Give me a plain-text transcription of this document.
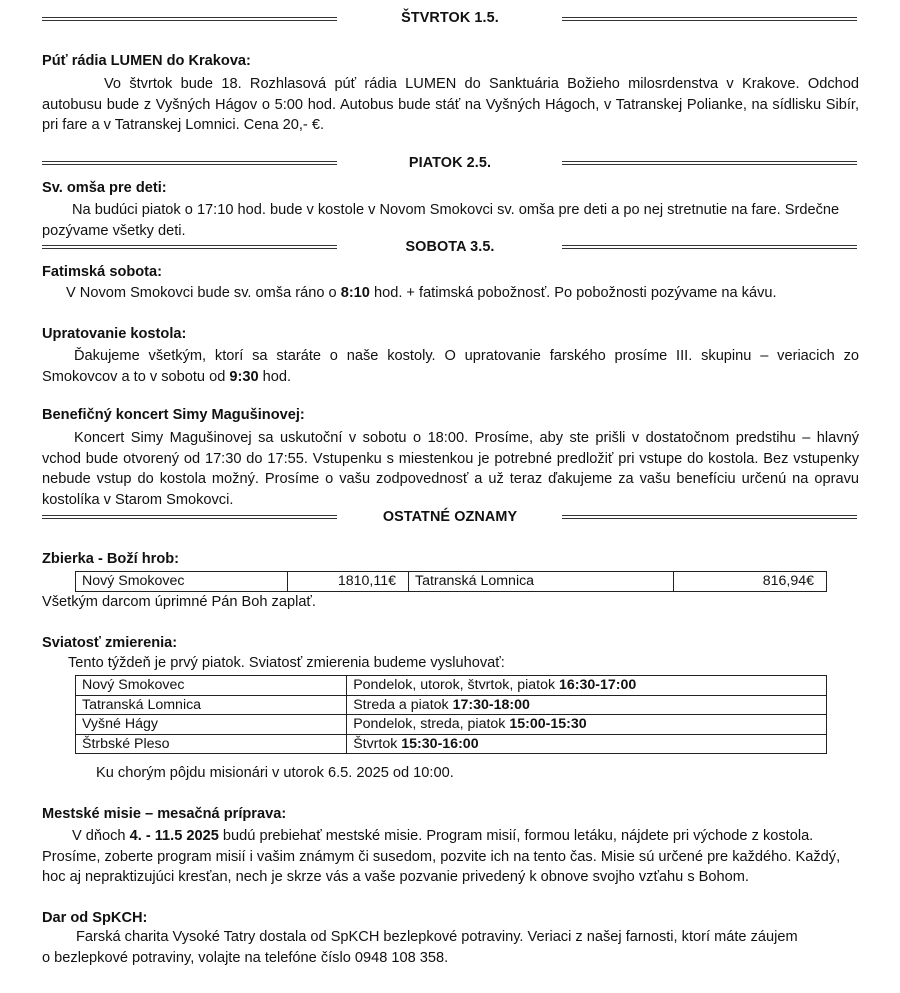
ŠTVRTOK 1.5.
Púť rádia LUMEN do Krakova:
Vo štvrtok bude 18. Rozhlasová púť rádia LUMEN do Sanktuária Božieho milosrdenstva v Krakove. Odchod autobusu bude z Vyšných Hágov o 5:00 hod. Autobus bude stáť na Vyšných Hágoch, v Tatranskej Polianke, na sídlisku Sibír, pri fare a v Tatranskej Lomnici. Cena 20,- €.
PIATOK 2.5.
Sv. omša pre deti:
Na budúci piatok o 17:10 hod. bude v kostole v Novom Smokovci sv. omša pre deti a po nej stretnutie na fare. Srdečne pozývame všetky deti.
SOBOTA 3.5.
Fatimská sobota:
V Novom Smokovci bude sv. omša ráno o 8:10 hod. + fatimská pobožnosť. Po pobožnosti pozývame na kávu.
Upratovanie kostola:
Ďakujeme všetkým, ktorí sa staráte o naše kostoly. O upratovanie farského prosíme III. skupinu – veriacich zo Smokovcov a to v sobotu od 9:30 hod.
Benefičný koncert Simy Magušinovej:
Koncert Simy Magušinovej sa uskutoční v sobotu o 18:00. Prosíme, aby ste prišli v dostatočnom predstihu – hlavný vchod bude otvorený od 17:30 do 17:55. Vstupenku s miestenkou je potrebné predložiť pri vstupe do kostola. Bez vstupenky nebude vstup do kostola možný. Prosíme o vašu zodpovednosť a už teraz ďakujeme za vašu benefíciu určenú na opravu kostolíka v Starom Smokovci.
OSTATNÉ OZNAMY
Zbierka - Boží hrob:
Nový Smokovec	1810,11€	Tatranská Lomnica	816,94€
Všetkým darcom úprimné Pán Boh zaplať.
Sviatosť zmierenia:
Tento týždeň je prvý piatok. Sviatosť zmierenia budeme vysluhovať:
Nový Smokovec	Pondelok, utorok, štvrtok, piatok 16:30-17:00
Tatranská Lomnica	Streda a piatok 17:30-18:00
Vyšné Hágy	Pondelok, streda, piatok 15:00-15:30
Štrbské Pleso	Štvrtok 15:30-16:00
Ku chorým pôjdu misionári v utorok 6.5. 2025 od 10:00.
Mestské misie – mesačná príprava:
V dňoch 4. - 11.5 2025 budú prebiehať mestské misie. Program misií, formou letáku, nájdete pri východe z kostola. Prosíme, zoberte program misií i vašim známym či susedom, pozvite ich na tento čas. Misie sú určené pre každého. Každý, hoc aj nepraktizujúci kresťan, nech je skrze vás a vaše pozvanie privedený k obnove svojho vzťahu s Bohom.
Dar od SpKCH:
Farská charita Vysoké Tatry dostala od SpKCH bezlepkové potraviny. Veriaci z našej farnosti, ktorí máte záujem
o bezlepkové potraviny, volajte na telefóne číslo 0948 108 358.
